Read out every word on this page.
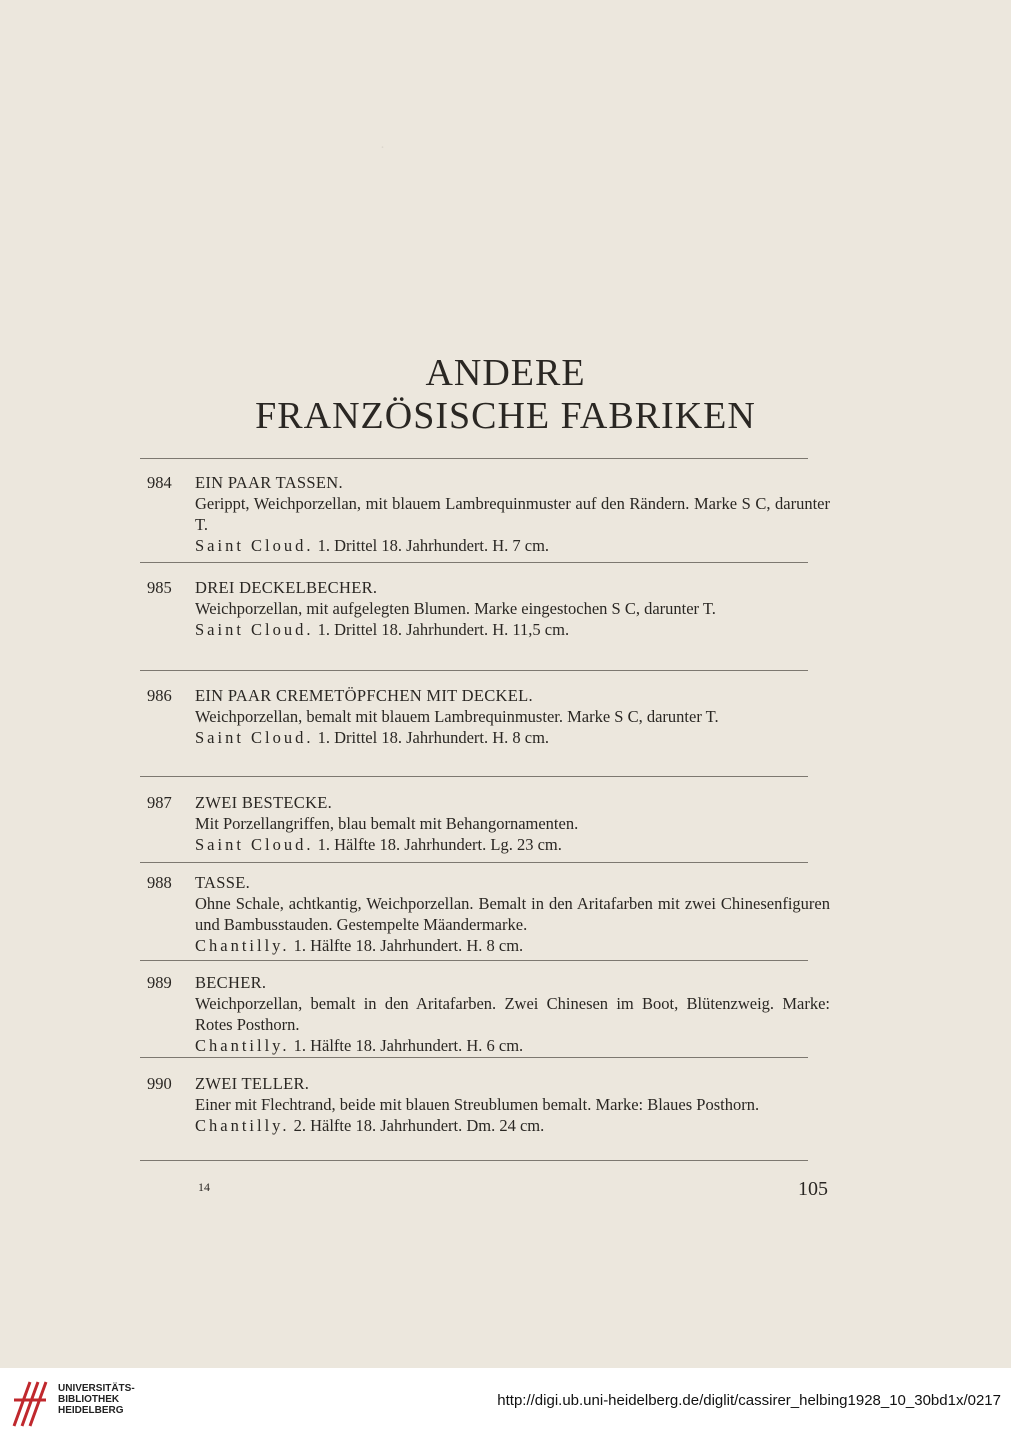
·
ANDERE
FRANZÖSISCHE FABRIKEN
984	EIN PAAR TASSEN.
Gerippt, Weichporzellan, mit blauem Lambrequinmuster auf den Rändern. Marke S C, darunter T.
Saint Cloud. 1. Drittel 18. Jahrhundert. H. 7 cm.
985	DREI DECKELBECHER.
Weichporzellan, mit aufgelegten Blumen. Marke eingestochen S C, darunter T.
Saint Cloud. 1. Drittel 18. Jahrhundert. H. 11,5 cm.
986	EIN PAAR CREMETÖPFCHEN MIT DECKEL.
Weichporzellan, bemalt mit blauem Lambrequinmuster. Marke S C, darunter T.
Saint Cloud. 1. Drittel 18. Jahrhundert. H. 8 cm.
987	ZWEI BESTECKE.
Mit Porzellangriffen, blau bemalt mit Behangornamenten.
Saint Cloud. 1. Hälfte 18. Jahrhundert. Lg. 23 cm.
988	TASSE.
Ohne Schale, achtkantig, Weichporzellan. Bemalt in den Aritafarben mit zwei Chinesenfiguren und Bambusstauden. Gestempelte Mäandermarke.
Chantilly. 1. Hälfte 18. Jahrhundert. H. 8 cm.
989	BECHER.
Weichporzellan, bemalt in den Aritafarben. Zwei Chinesen im Boot, Blütenzweig. Marke: Rotes Posthorn.
Chantilly. 1. Hälfte 18. Jahrhundert. H. 6 cm.
990	ZWEI TELLER.
Einer mit Flechtrand, beide mit blauen Streublumen bemalt. Marke: Blaues Posthorn.
Chantilly. 2. Hälfte 18. Jahrhundert. Dm. 24 cm.
14	105
UNIVERSITÄTS-
BIBLIOTHEK
HEIDELBERG
http://digi.ub.uni-heidelberg.de/diglit/cassirer_helbing1928_10_30bd1x/0217
